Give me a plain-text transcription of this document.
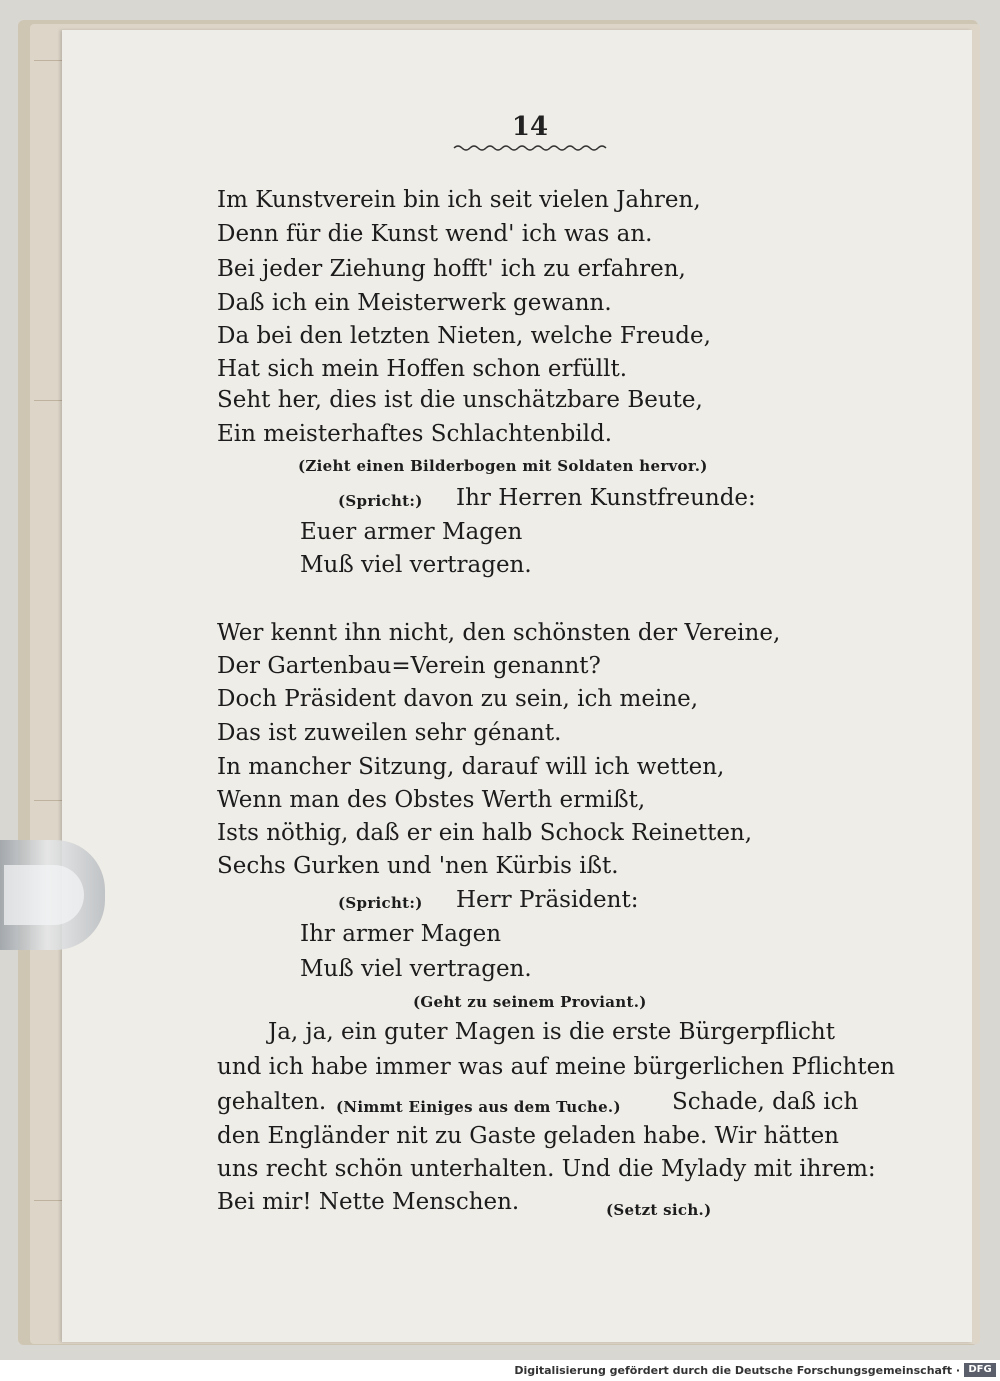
14
Im Kunstverein bin ich seit vielen Jahren,
Denn für die Kunst wend' ich was an.
Bei jeder Ziehung hofft' ich zu erfahren,
Daß ich ein Meisterwerk gewann.
Da bei den letzten Nieten, welche Freude,
Hat sich mein Hoffen schon erfüllt.
Seht her, dies ist die unschätzbare Beute,
Ein meisterhaftes Schlachtenbild.
(Zieht einen Bilderbogen mit Soldaten hervor.)
(Spricht:) Ihr Herren Kunstfreunde:
Euer armer Magen
Muß viel vertragen.
Wer kennt ihn nicht, den schönsten der Vereine,
Der Gartenbau=Verein genannt?
Doch Präsident davon zu sein, ich meine,
Das ist zuweilen sehr génant.
In mancher Sitzung, darauf will ich wetten,
Wenn man des Obstes Werth ermißt,
Ists nöthig, daß er ein halb Schock Reinetten,
Sechs Gurken und 'nen Kürbis ißt.
(Spricht:) Herr Präsident:
Ihr armer Magen
Muß viel vertragen.
(Geht zu seinem Proviant.)
Ja, ja, ein guter Magen is die erste Bürgerpflicht
und ich habe immer was auf meine bürgerlichen Pflichten
gehalten. (Nimmt Einiges aus dem Tuche.) Schade, daß ich
den Engländer nit zu Gaste geladen habe. Wir hätten
uns recht schön unterhalten. Und die Mylady mit ihrem:
Bei mir! Nette Menschen.	(Setzt sich.)
Digitalisierung gefördert durch die Deutsche Forschungsgemeinschaft · DFG
